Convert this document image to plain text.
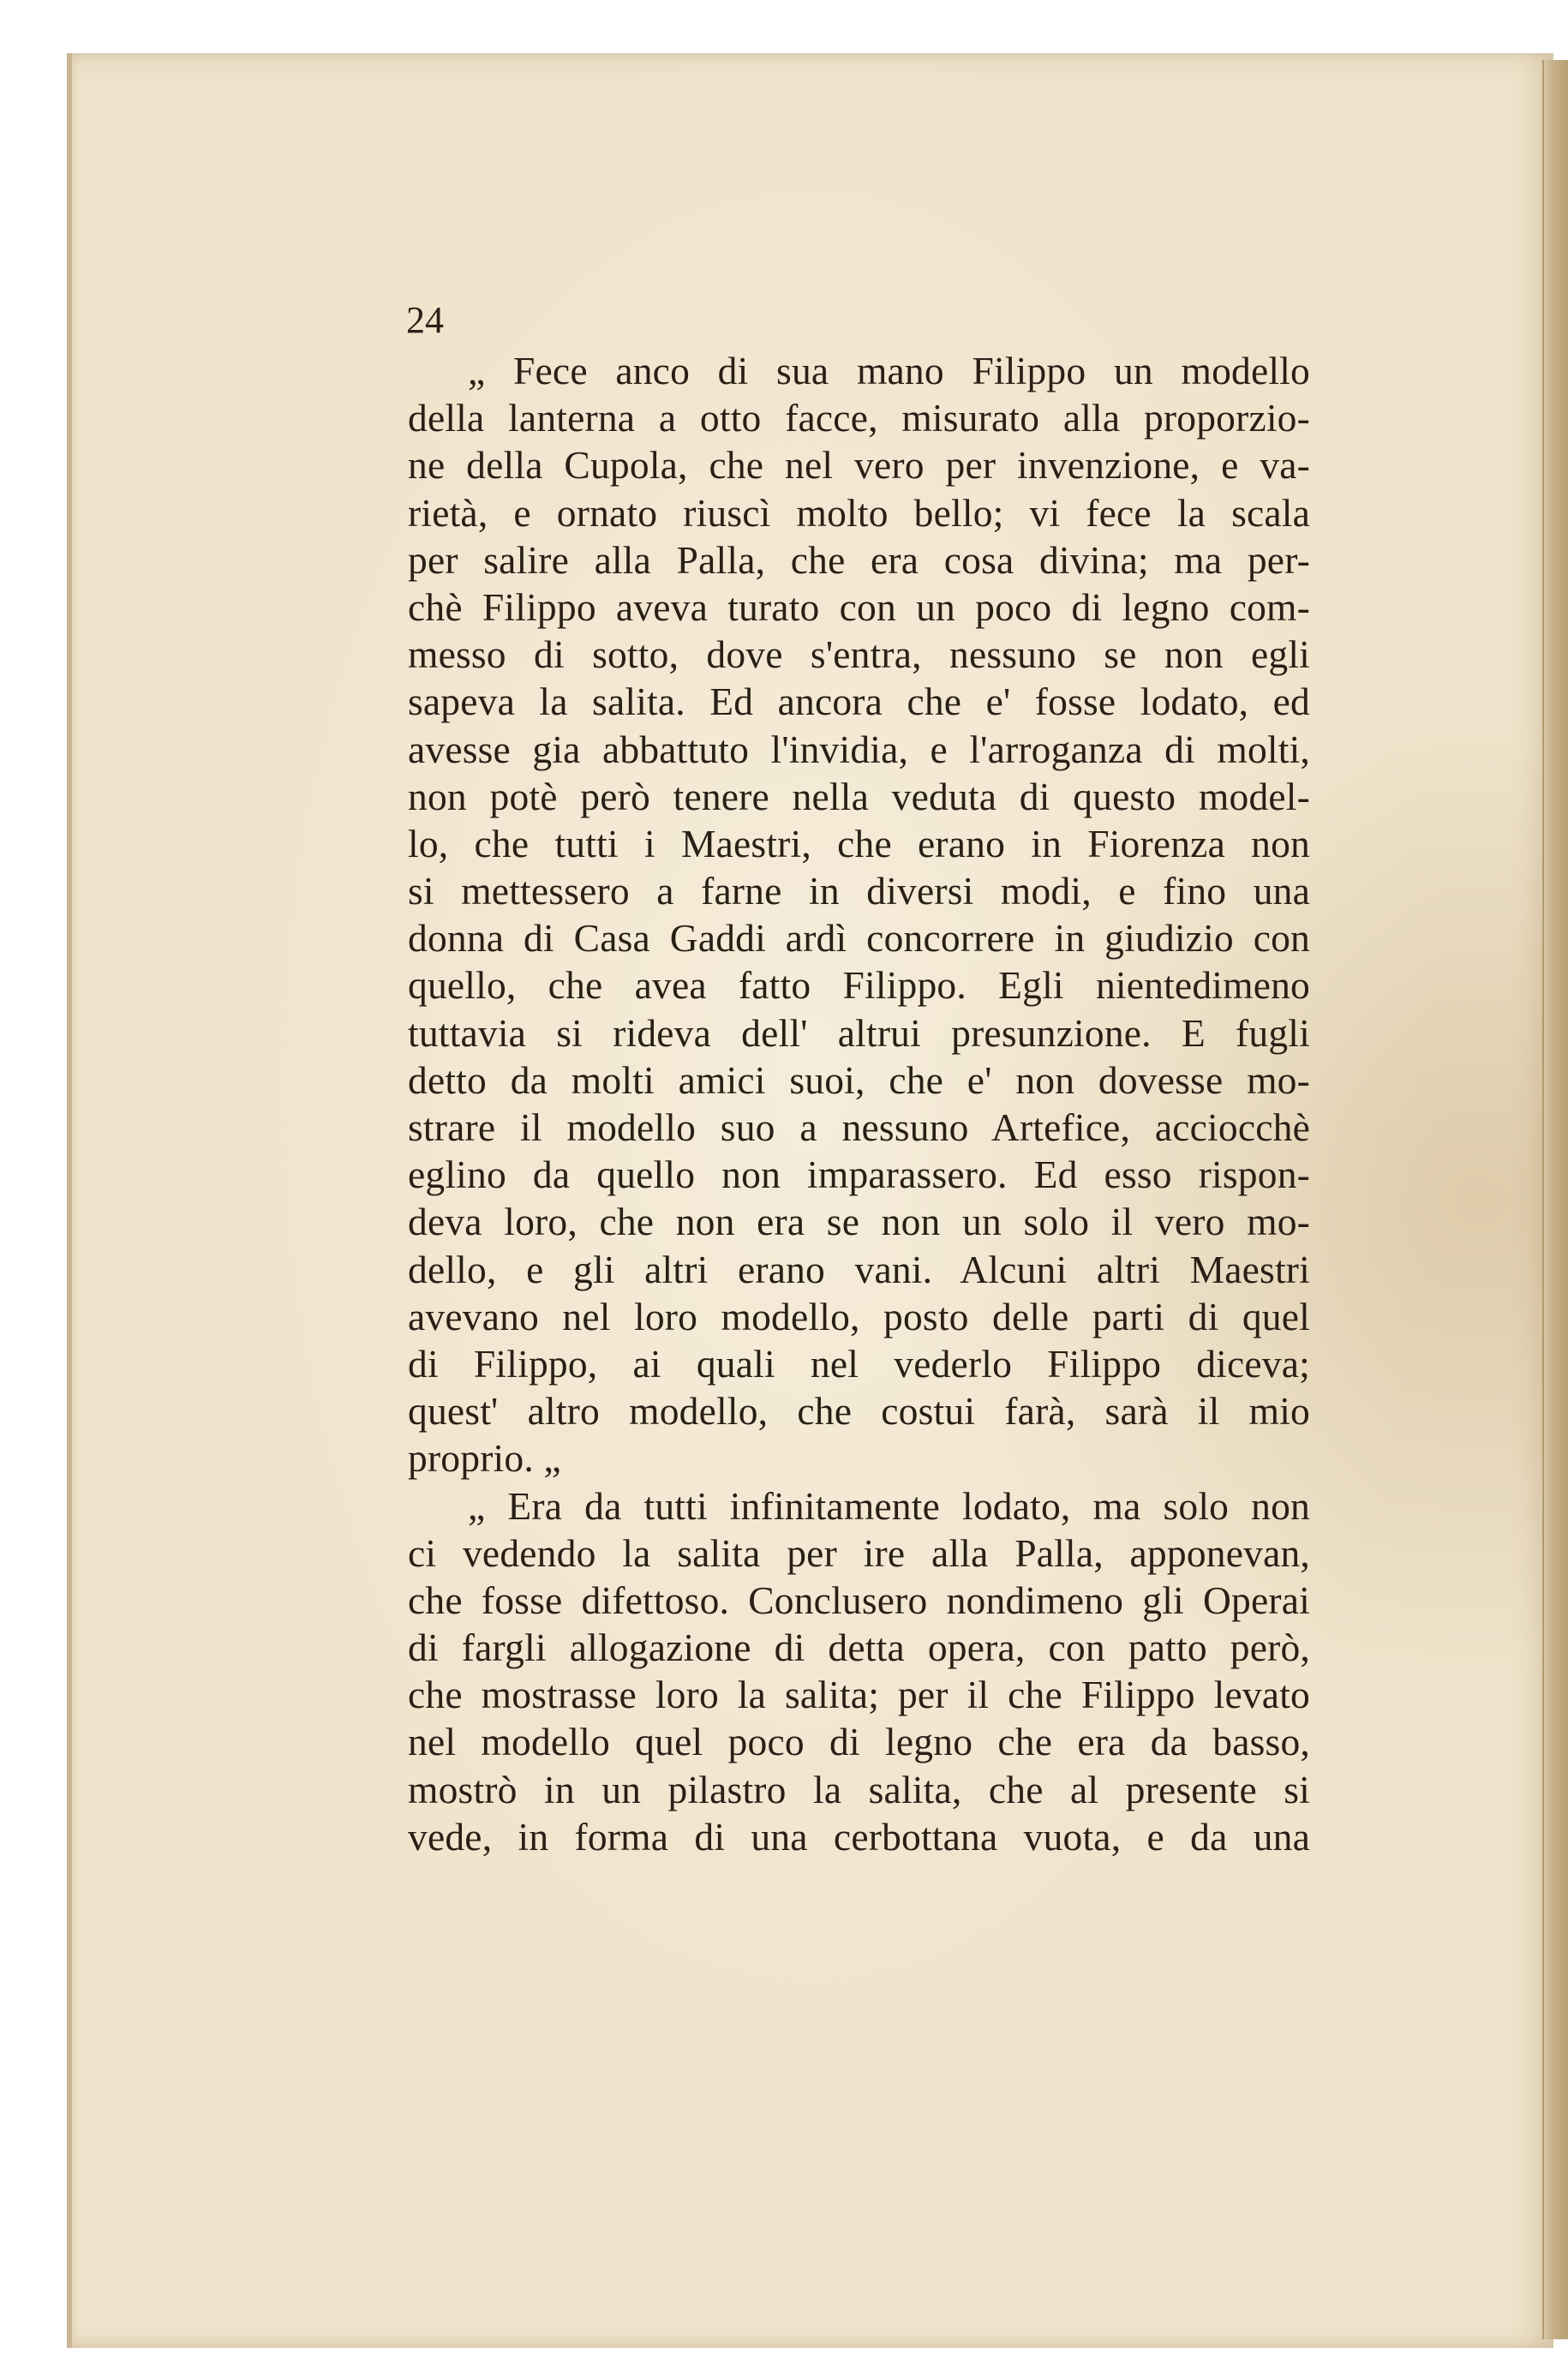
24
„ Fece anco di sua mano Filippo un modello
della lanterna a otto facce, misurato alla proporzio-
ne della Cupola, che nel vero per invenzione, e va-
rietà, e ornato riuscì molto bello; vi fece la scala
per salire alla Palla, che era cosa divina; ma per-
chè Filippo aveva turato con un poco di legno com-
messo di sotto, dove s'entra, nessuno se non egli
sapeva la salita. Ed ancora che e' fosse lodato, ed
avesse gia abbattuto l'invidia, e l'arroganza di molti,
non potè però tenere nella veduta di questo model-
lo, che tutti i Maestri, che erano in Fiorenza non
si mettessero a farne in diversi modi, e fino una
donna di Casa Gaddi ardì concorrere in giudizio con
quello, che avea fatto Filippo. Egli nientedimeno
tuttavia si rideva dell' altrui presunzione. E fugli
detto da molti amici suoi, che e' non dovesse mo-
strare il modello suo a nessuno Artefice, acciocchè
eglino da quello non imparassero. Ed esso rispon-
deva loro, che non era se non un solo il vero mo-
dello, e gli altri erano vani. Alcuni altri Maestri
avevano nel loro modello, posto delle parti di quel
di Filippo, ai quali nel vederlo Filippo diceva;
quest' altro modello, che costui farà, sarà il mio
proprio. „
„ Era da tutti infinitamente lodato, ma solo non
ci vedendo la salita per ire alla Palla, apponevan,
che fosse difettoso. Conclusero nondimeno gli Operai
di fargli allogazione di detta opera, con patto però,
che mostrasse loro la salita; per il che Filippo levato
nel modello quel poco di legno che era da basso,
mostrò in un pilastro la salita, che al presente si
vede, in forma di una cerbottana vuota, e da una
